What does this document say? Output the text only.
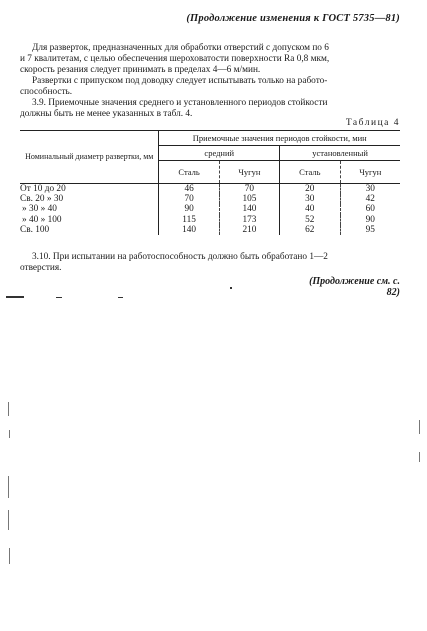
(Продолжение изменения к ГОСТ 5735—81)
Для разверток, предназначенных для обработки отверстий с допуском по 6
и 7 квалитетам, с целью обеспечения шероховатости поверхности Ra 0,8 мкм,
скорость резания следует принимать в пределах 4—6 м/мин.
Развертки с припуском под доводку следует испытывать только на работо-
способность.
3.9. Приемочные значения среднего и установленного периодов стойкости
должны быть не менее указанных в табл. 4.
Таблица 4
Номинальный диаметр развертки, мм	Приемочные значения периодов стойкости, мин			
	средний		установленный	
	Сталь	Чугун	Сталь	Чугун
От 10 до 20	46	70	20	30
Св. 20 » 30	70	105	30	42
» 30 » 40	90	140	40	60
» 40 » 100	115	173	52	90
Св. 100	140	210	62	95
3.10. При испытании на работоспособность должно быть обработано 1—2
отверстия.
(Продолжение см. с. 82)
